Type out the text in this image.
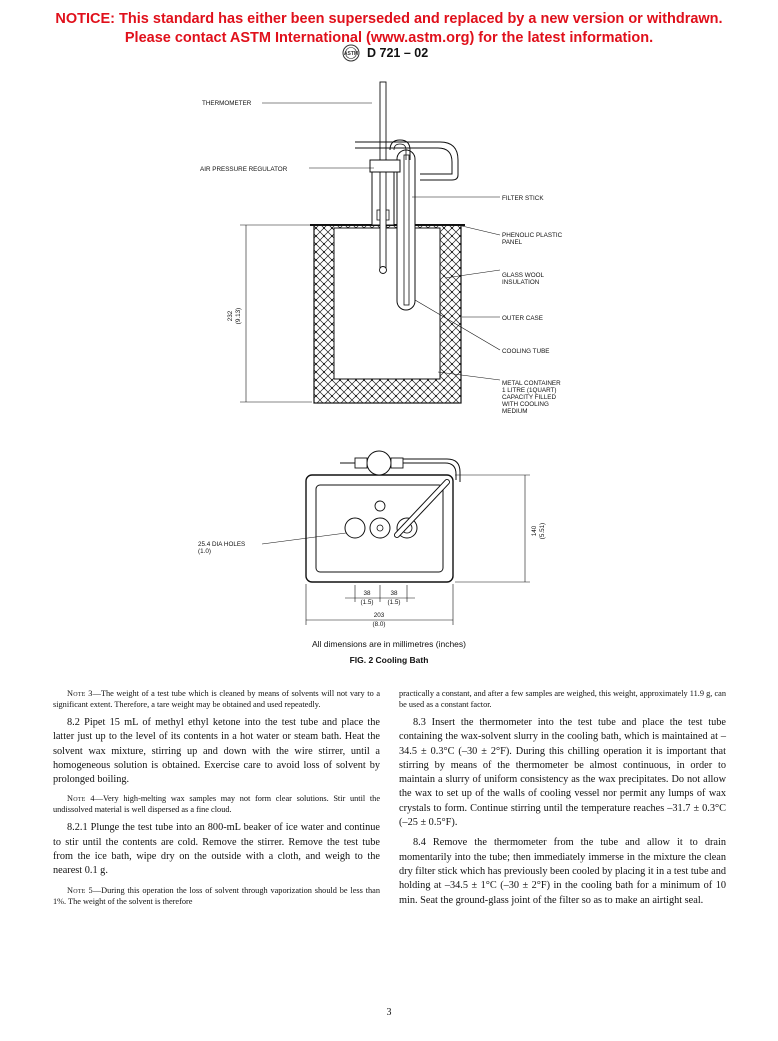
NOTICE: This standard has either been superseded and replaced by a new version or withdrawn.
Please contact ASTM International (www.astm.org) for the latest information.
ASTM D 721 – 02
THERMOMETER
AIR PRESSURE REGULATOR
FILTER STICK
PHENOLIC PLASTIC
PANEL
GLASS WOOL
INSULATION
OUTER CASE
COOLING TUBE
METAL CONTAINER
1 LITRE (1QUART)
CAPACITY FILLED
WITH COOLING
MEDIUM
232 (9.13)
25.4 DIA HOLES
(1.0)
140 (5.51)
38
(1.5)
38
(1.5)
203
(8.0)
All dimensions are in millimetres (inches)
FIG. 2 Cooling Bath

Note 3—The weight of a test tube which is cleaned by means of solvents will not vary to a significant extent. Therefore, a tare weight may be obtained and used repeatedly.

8.2 Pipet 15 mL of methyl ethyl ketone into the test tube and place the latter just up to the level of its contents in a hot water or steam bath. Heat the solvent wax mixture, stirring up and down with the wire stirrer, until a homogeneous solution is obtained. Exercise care to avoid loss of solvent by prolonged boiling.

Note 4—Very high-melting wax samples may not form clear solutions. Stir until the undissolved material is well dispersed as a fine cloud.

8.2.1 Plunge the test tube into an 800-mL beaker of ice water and continue to stir until the contents are cold. Remove the stirrer. Remove the test tube from the ice bath, wipe dry on the outside with a cloth, and weigh to the nearest 0.1 g.

Note 5—During this operation the loss of solvent through vaporization should be less than 1%. The weight of the solvent is therefore

practically a constant, and after a few samples are weighed, this weight, approximately 11.9 g, can be used as a constant factor.

8.3 Insert the thermometer into the test tube and place the test tube containing the wax-solvent slurry in the cooling bath, which is maintained at –34.5 ± 0.3°C (–30 ± 2°F). During this chilling operation it is important that stirring by means of the thermometer be almost continuous, in order to maintain a slurry of uniform consistency as the wax precipitates. Do not allow the wax to set up of the walls of cooling vessel nor permit any lumps of wax crystals to form. Continue stirring until the temperature reaches –31.7 ± 0.3°C (–25 ± 0.5°F).

8.4 Remove the thermometer from the tube and allow it to drain momentarily into the tube; then immediately immerse in the mixture the clean dry filter stick which has previously been cooled by placing it in a test tube and holding at –34.5 ± 1°C (–30 ± 2°F) in the cooling bath for a minimum of 10 min. Seat the ground-glass joint of the filter so as to make an airtight seal.

3
